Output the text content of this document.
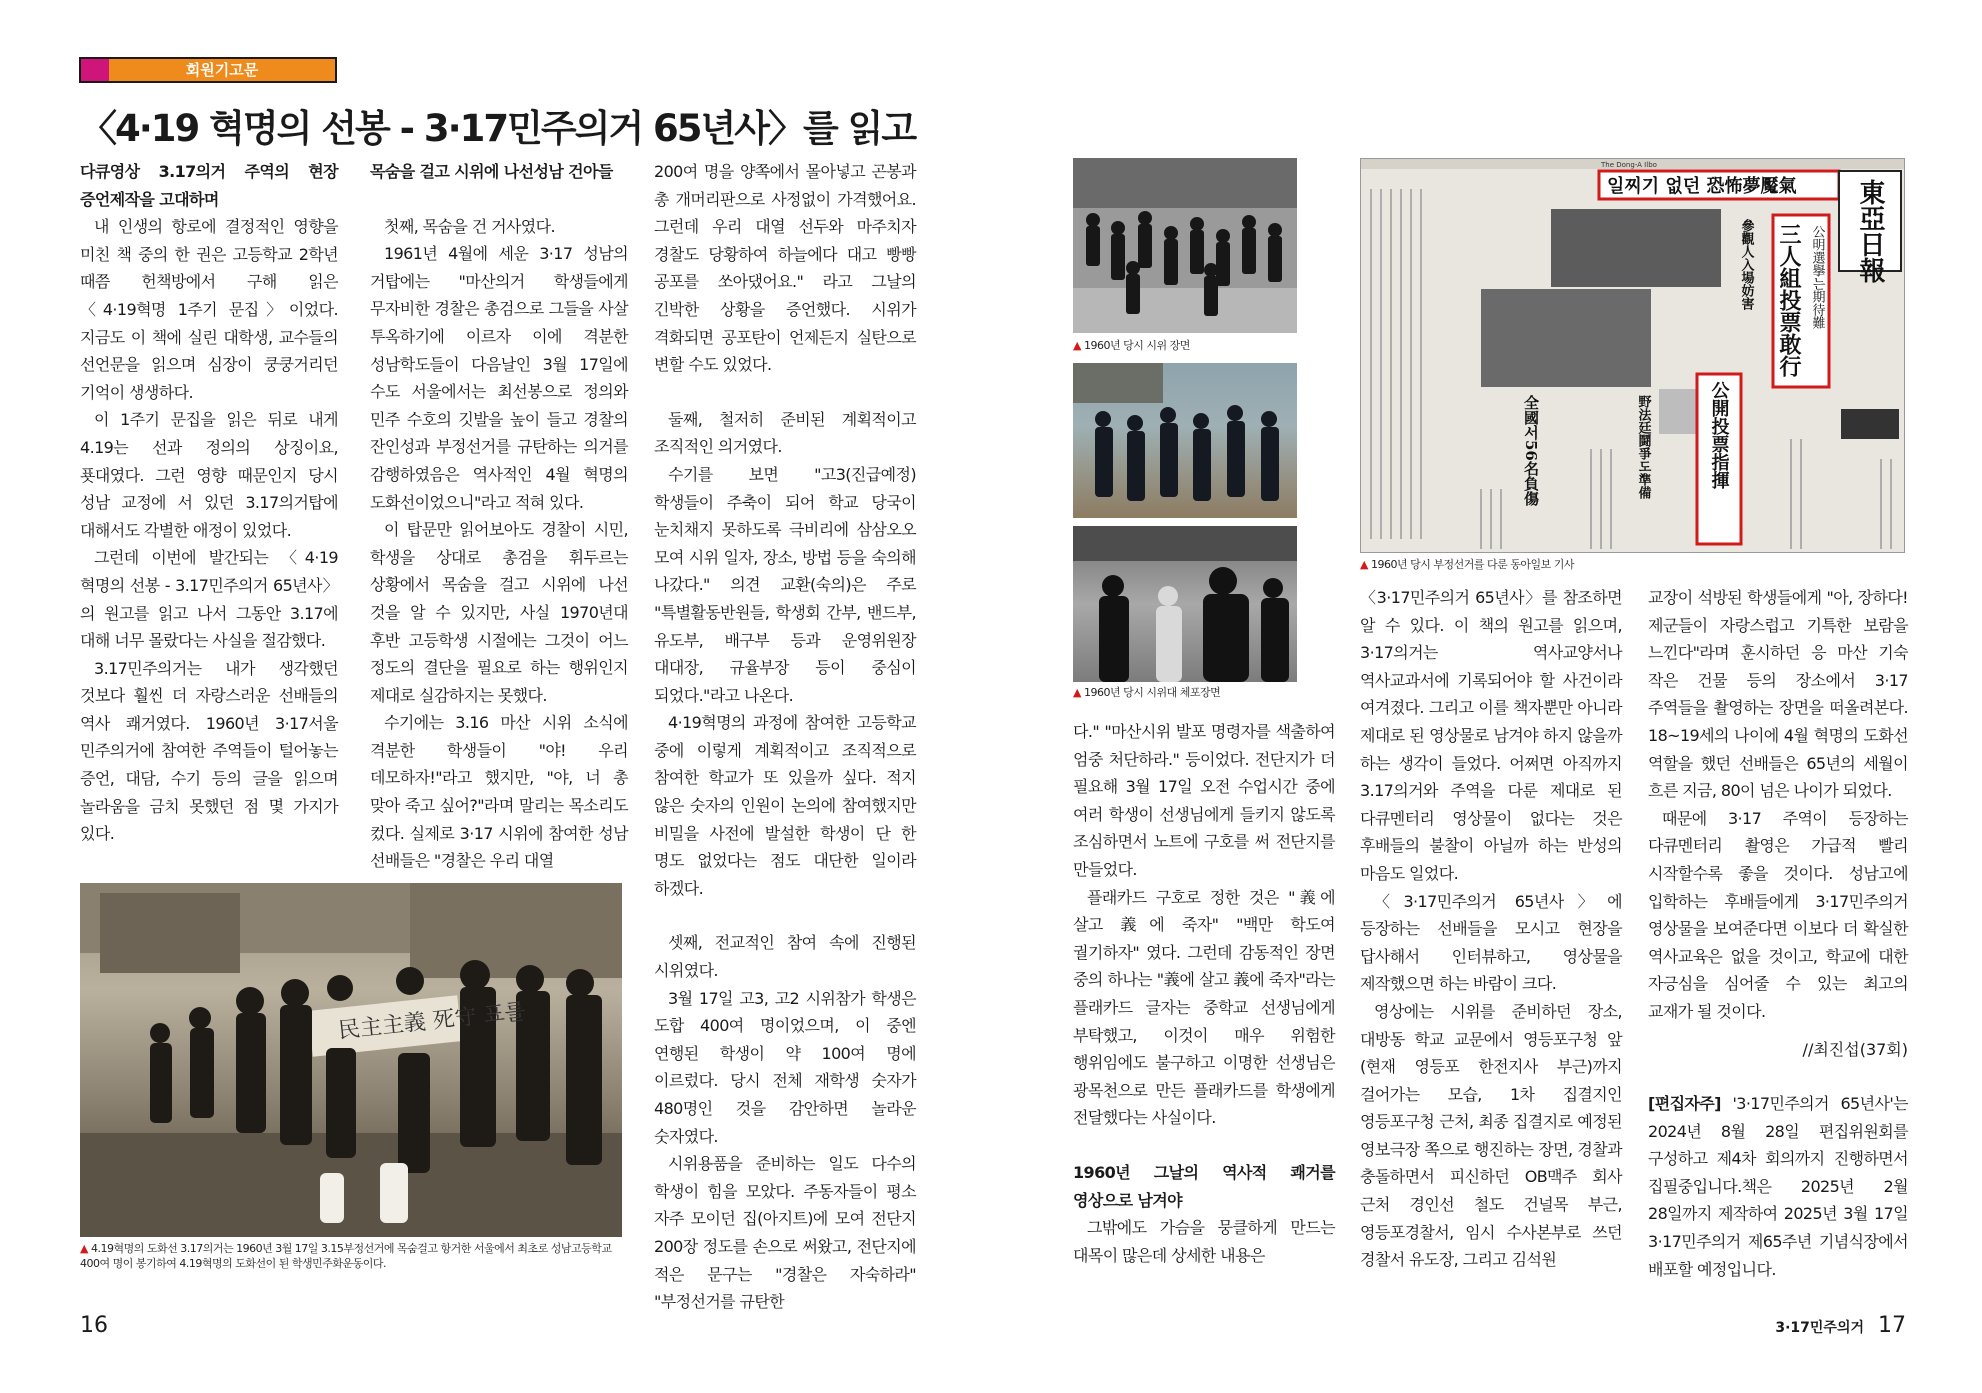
회원기고문
〈4·19 혁명의 선봉 - 3·17민주의거 65년사〉를 읽고

다큐영상 3.17의거 주역의 현장 증언제작을 고대하며

내 인생의 항로에 결정적인 영향을 미친 책 중의 한 권은 고등학교 2학년 때쯤 헌책방에서 구해 읽은 〈4·19혁명 1주기 문집〉이었다. 지금도 이 책에 실린 대학생, 교수들의 선언문을 읽으며 심장이 쿵쿵거리던 기억이 생생하다.

이 1주기 문집을 읽은 뒤로 내게 4.19는 선과 정의의 상징이요, 푯대였다. 그런 영향 때문인지 당시 성남 교정에 서 있던 3.17의거탑에 대해서도 각별한 애정이 있었다.

그런데 이번에 발간되는 〈4·19 혁명의 선봉 - 3.17민주의거 65년사〉의 원고를 읽고 나서 그동안 3.17에 대해 너무 몰랐다는 사실을 절감했다.

3.17민주의거는 내가 생각했던 것보다 훨씬 더 자랑스러운 선배들의 역사 쾌거였다. 1960년 3·17서울 민주의거에 참여한 주역들이 털어놓는 증언, 대담, 수기 등의 글을 읽으며 놀라움을 금치 못했던 점 몇 가지가 있다.

목숨을 걸고 시위에 나선성남 건아들

첫째, 목숨을 건 거사였다.

1961년 4월에 세운 3·17 성남의 거탑에는 "마산의거 학생들에게 무자비한 경찰은 총검으로 그들을 사살 투옥하기에 이르자 이에 격분한 성남학도들이 다음날인 3월 17일에 수도 서울에서는 최선봉으로 정의와 민주 수호의 깃발을 높이 들고 경찰의 잔인성과 부정선거를 규탄하는 의거를 감행하였음은 역사적인 4월 혁명의 도화선이었으니"라고 적혀 있다.

이 탑문만 읽어보아도 경찰이 시민, 학생을 상대로 총검을 휘두르는 상황에서 목숨을 걸고 시위에 나선 것을 알 수 있지만, 사실 1970년대 후반 고등학생 시절에는 그것이 어느 정도의 결단을 필요로 하는 행위인지 제대로 실감하지는 못했다.

수기에는 3.16 마산 시위 소식에 격분한 학생들이 "야! 우리 데모하자!"라고 했지만, "야, 너 총 맞아 죽고 싶어?"라며 말리는 목소리도 컸다. 실제로 3·17 시위에 참여한 성남 선배들은 "경찰은 우리 대열

200여 명을 양쪽에서 몰아넣고 곤봉과 총 개머리판으로 사정없이 가격했어요. 그런데 우리 대열 선두와 마주치자 경찰도 당황하여 하늘에다 대고 빵빵 공포를 쏘아댔어요." 라고 그날의 긴박한 상황을 증언했다. 시위가 격화되면 공포탄이 언제든지 실탄으로 변할 수도 있었다.

둘째, 철저히 준비된 계획적이고 조직적인 의거였다.

수기를 보면 "고3(진급예정) 학생들이 주축이 되어 학교 당국이 눈치채지 못하도록 극비리에 삼삼오오 모여 시위 일자, 장소, 방법 등을 숙의해 나갔다." 의견 교환(숙의)은 주로 "특별활동반원들, 학생회 간부, 밴드부, 유도부, 배구부 등과 운영위원장 대대장, 규율부장 등이 중심이 되었다."라고 나온다.

4·19혁명의 과정에 참여한 고등학교 중에 이렇게 계획적이고 조직적으로 참여한 학교가 또 있을까 싶다. 적지 않은 숫자의 인원이 논의에 참여했지만 비밀을 사전에 발설한 학생이 단 한 명도 없었다는 점도 대단한 일이라 하겠다.

셋째, 전교적인 참여 속에 진행된 시위였다.

3월 17일 고3, 고2 시위참가 학생은 도합 400여 명이었으며, 이 중엔 연행된 학생이 약 100여 명에 이르렀다. 당시 전체 재학생 숫자가 480명인 것을 감안하면 놀라운 숫자였다.

시위용품을 준비하는 일도 다수의 학생이 힘을 모았다. 주동자들이 평소 자주 모이던 집(아지트)에 모여 전단지 200장 정도를 손으로 써왔고, 전단지에 적은 문구는 "경찰은 자숙하라" "부정선거를 규탄한

民主主義 死守 표를
▲ 4.19혁명의 도화선 3.17의거는 1960년 3월 17일 3.15부정선거에 목숨걸고 항거한 서울에서 최초로 성남고등학교 400여 명이 봉기하여 4.19혁명의 도화선이 된 학생민주화운동이다.
16
▲ 1960년 당시 시위 장면
▲ 1960년 당시 시위대 체포장면
The Dong-A Ilbo
일찌기 없던 恐怖夢魘氣 東亞日報
三人組投票敢行 公明選擧는期待難
公開投票指揮
全國서56名負傷	野法廷鬪爭도準備
參觀人入場妨害
▲ 1960년 당시 부정선거를 다룬 동아일보 기사

다." "마산시위 발포 명령자를 색출하여 엄중 처단하라." 등이었다. 전단지가 더 필요해 3월 17일 오전 수업시간 중에 여러 학생이 선생님에게 들키지 않도록 조심하면서 노트에 구호를 써 전단지를 만들었다.

플래카드 구호로 정한 것은 "義에 살고 義에 죽자" "백만 학도여 궐기하자" 였다. 그런데 감동적인 장면 중의 하나는 "義에 살고 義에 죽자"라는 플래카드 글자는 중학교 선생님에게 부탁했고, 이것이 매우 위험한 행위임에도 불구하고 이명한 선생님은 광목천으로 만든 플래카드를 학생에게 전달했다는 사실이다.

1960년 그날의 역사적 쾌거를 영상으로 남겨야

그밖에도 가슴을 뭉클하게 만드는 대목이 많은데 상세한 내용은

〈3·17민주의거 65년사〉를 참조하면 알 수 있다. 이 책의 원고를 읽으며, 3·17의거는 역사교양서나 역사교과서에 기록되어야 할 사건이라 여겨졌다. 그리고 이를 책자뿐만 아니라 제대로 된 영상물로 남겨야 하지 않을까 하는 생각이 들었다. 어쩌면 아직까지 3.17의거와 주역을 다룬 제대로 된 다큐멘터리 영상물이 없다는 것은 후배들의 불찰이 아닐까 하는 반성의 마음도 일었다.

〈3·17민주의거 65년사〉에 등장하는 선배들을 모시고 현장을 답사해서 인터뷰하고, 영상물을 제작했으면 하는 바람이 크다.

영상에는 시위를 준비하던 장소, 대방동 학교 교문에서 영등포구청 앞(현재 영등포 한전지사 부근)까지 걸어가는 모습, 1차 집결지인 영등포구청 근처, 최종 집결지로 예정된 영보극장 쪽으로 행진하는 장면, 경찰과 충돌하면서 피신하던 OB맥주 회사 근처 경인선 철도 건널목 부근, 영등포경찰서, 임시 수사본부로 쓰던 경찰서 유도장, 그리고 김석원

교장이 석방된 학생들에게 "아, 장하다! 제군들이 자랑스럽고 기특한 보람을 느낀다"라며 훈시하던 응 마산 기숙 작은 건물 등의 장소에서 3·17 주역들을 촬영하는 장면을 떠올려본다. 18~19세의 나이에 4월 혁명의 도화선 역할을 했던 선배들은 65년의 세월이 흐른 지금, 80이 넘은 나이가 되었다.

때문에 3·17 주역이 등장하는 다큐멘터리 촬영은 가급적 빨리 시작할수록 좋을 것이다. 성남고에 입학하는 후배들에게 3·17민주의거 영상물을 보여준다면 이보다 더 확실한 역사교육은 없을 것이고, 학교에 대한 자긍심을 심어줄 수 있는 최고의 교재가 될 것이다.

//최진섭(37회)

[편집자주] '3·17민주의거 65년사'는 2024년 8월 28일 편집위원회를 구성하고 제4차 회의까지 진행하면서 집필중입니다.책은 2025년 2월 28일까지 제작하여 2025년 3월 17일 3·17민주의거 제65주년 기념식장에서 배포할 예정입니다.

3·17민주의거 17
